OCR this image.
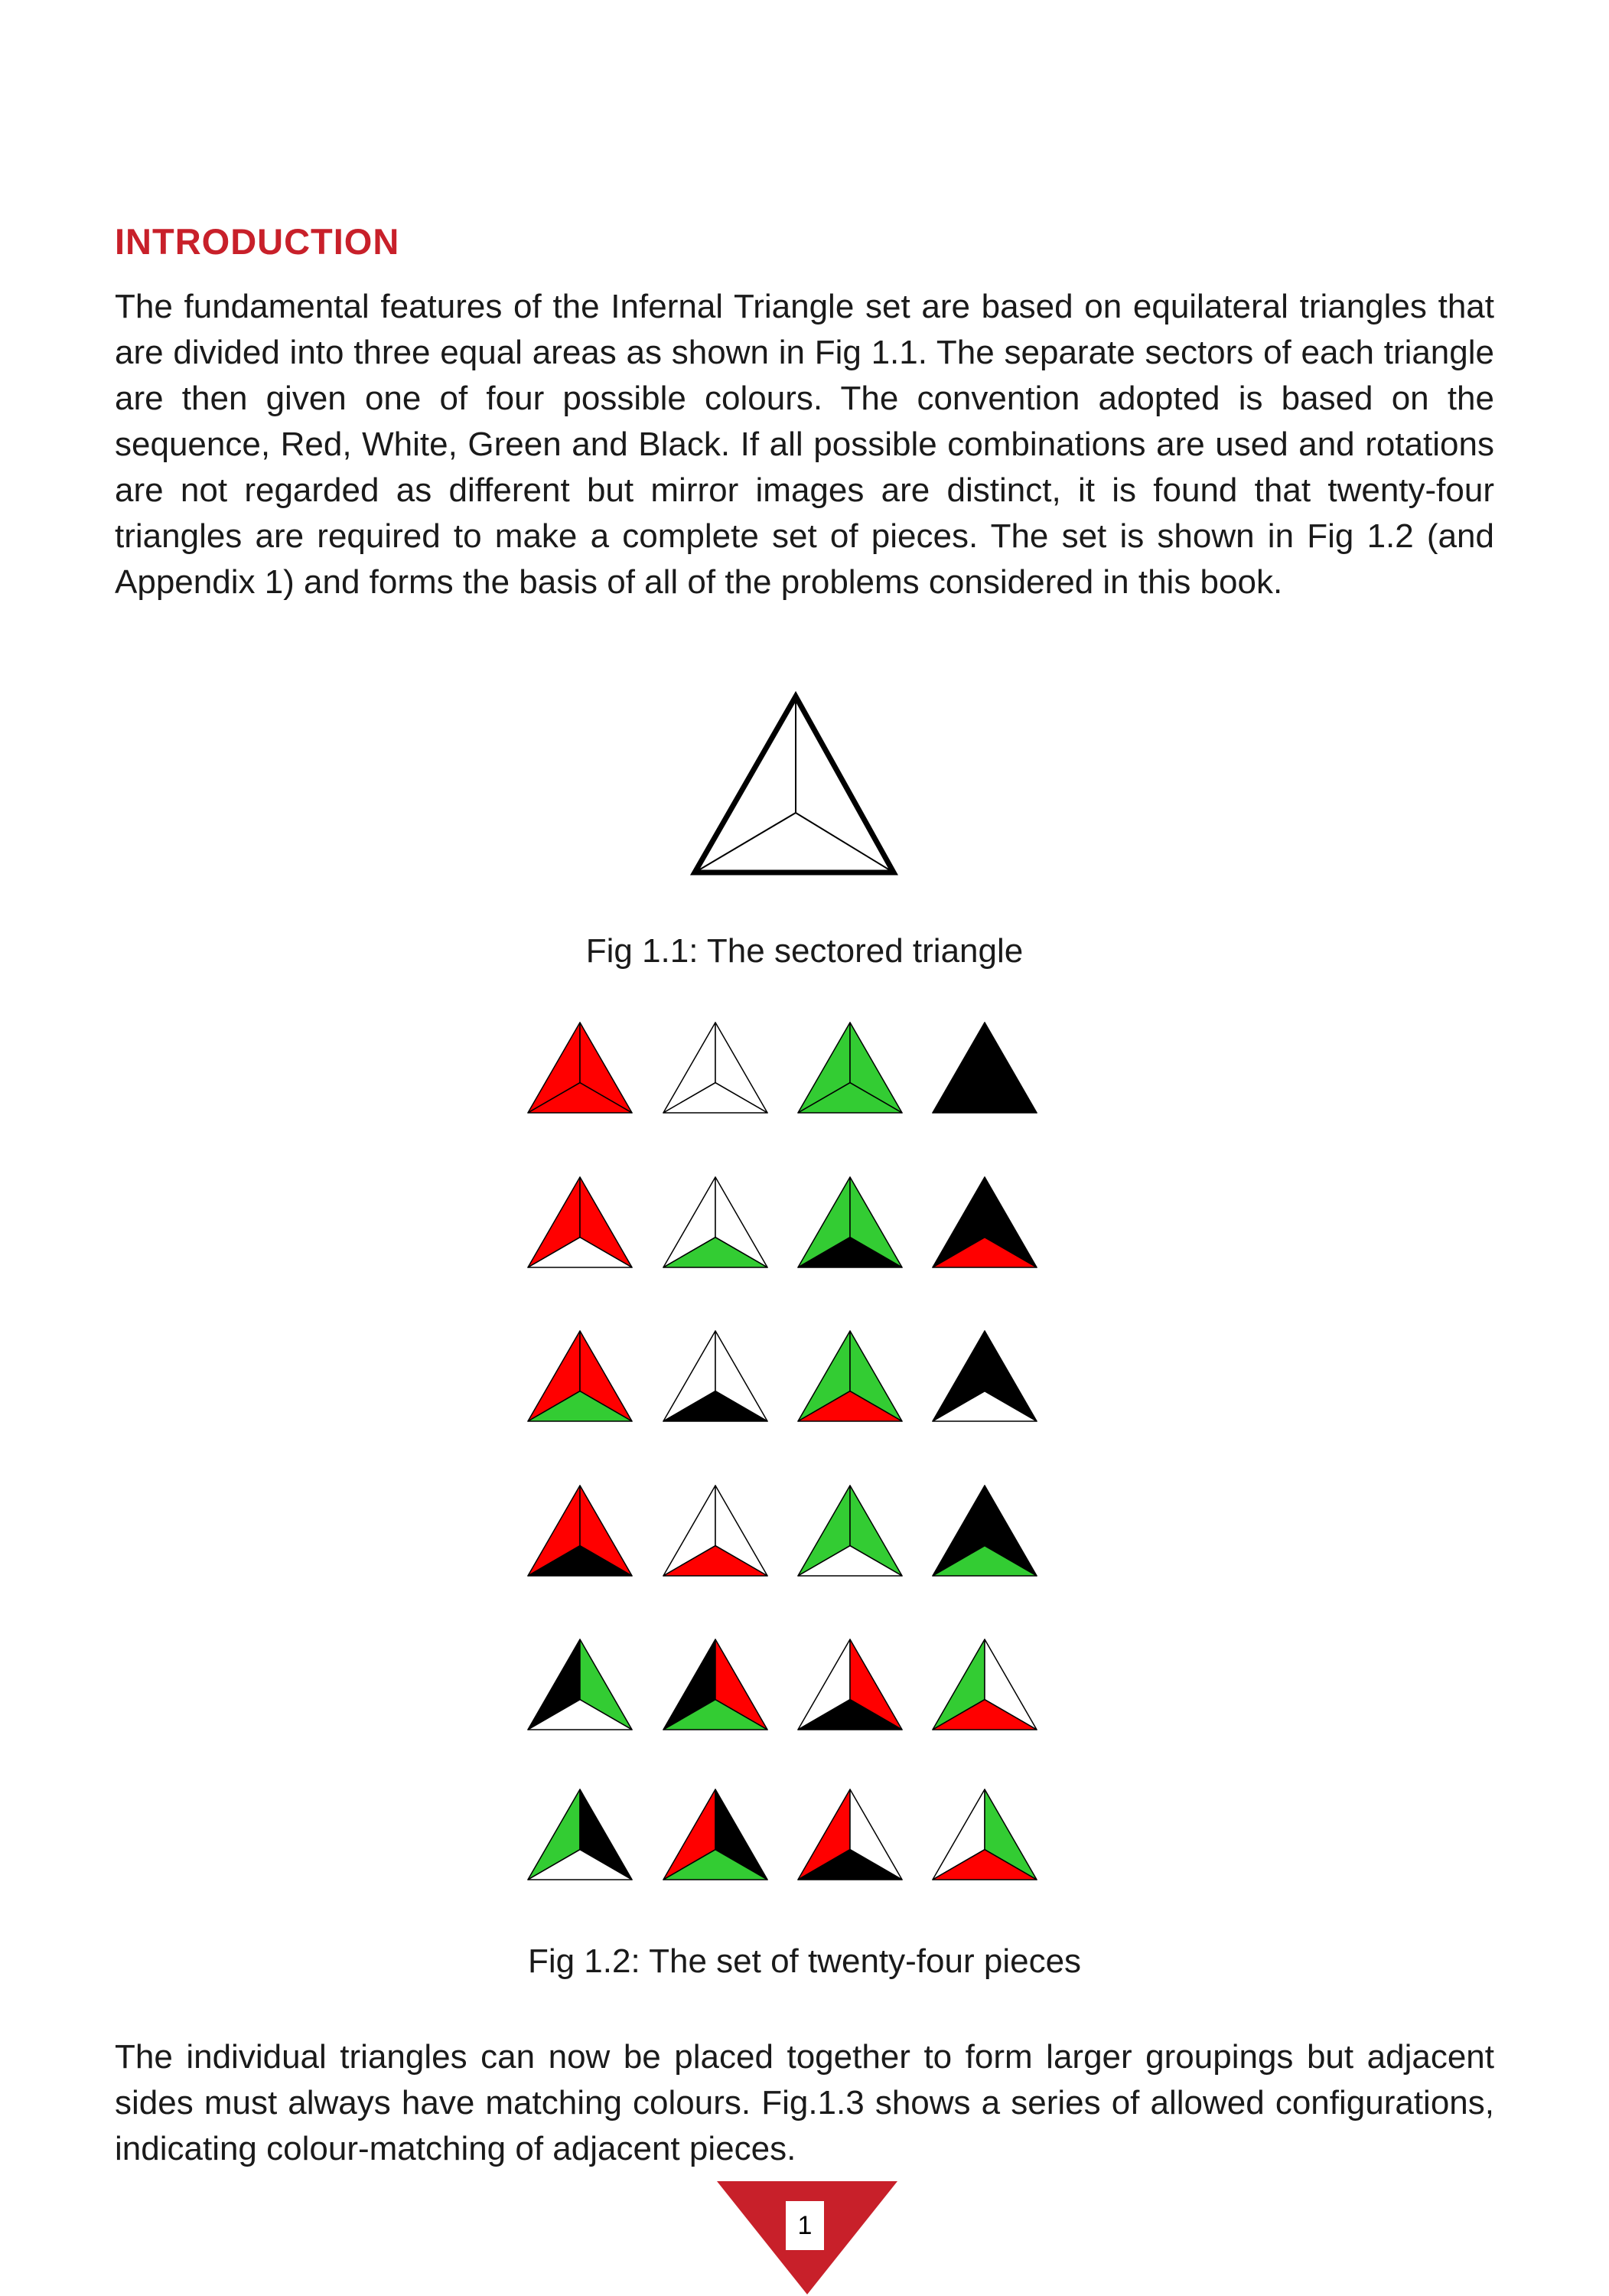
INTRODUCTION

The fundamental features of the Infernal Triangle set are based on equilateral triangles that are divided into three equal areas as shown in Fig 1.1. The separate sectors of each triangle are then given one of four possible colours. The convention adopted is based on the sequence, Red, White, Green and Black. If all possible combinations are used and rotations are not regarded as different but mirror images are distinct, it is found that twenty-four triangles are required to make a complete set of pieces. The set is shown in Fig 1.2 (and Appendix 1) and forms the basis of all of the problems considered in this book.

Fig 1.1: The sectored triangle

Fig 1.2: The set of twenty-four pieces

The individual triangles can now be placed together to form larger groupings but adjacent sides must always have matching colours. Fig.1.3 shows a series of allowed configurations, indicating colour-matching of adjacent pieces.

1
